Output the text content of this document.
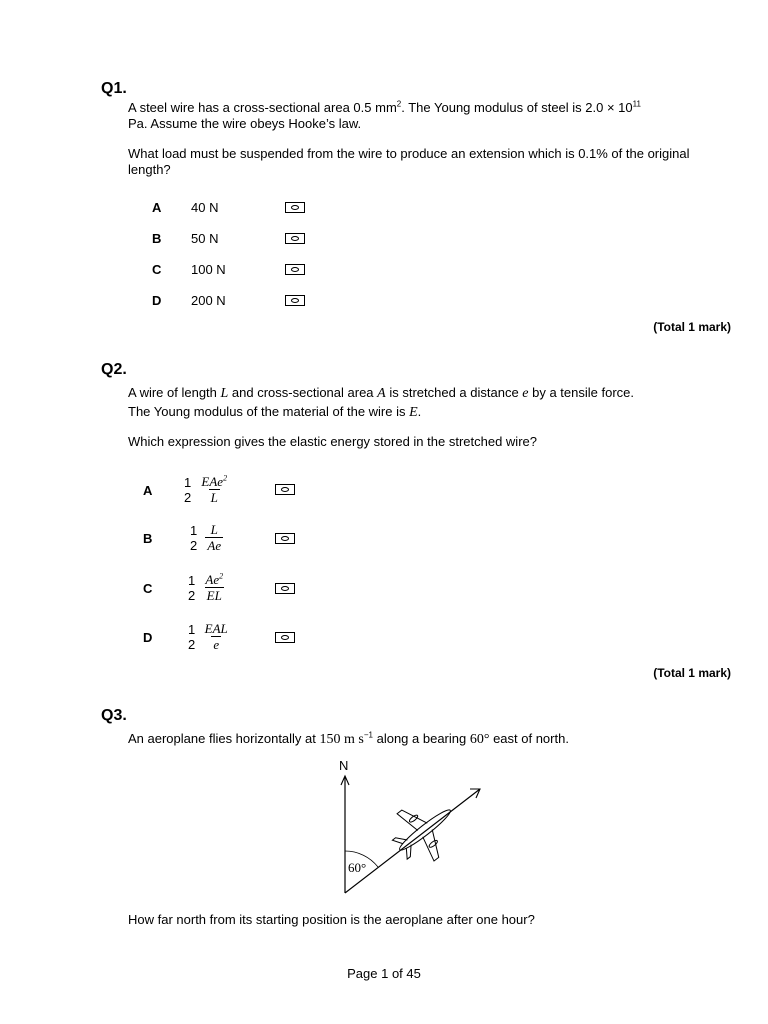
Q1.
A steel wire has a cross-sectional area 0.5 $mm^2$. The Young modulus of steel is $2.0 \times 10^{11}$
Pa. Assume the wire obeys Hooke’s law.
What load must be suspended from the wire to produce an extension which is 0.1% of the original length?
A 40 N
B 50 N
C 100 N
D 200 N
(Total 1 mark)
Q2.
A wire of length L and cross-sectional area A is stretched a distance e by a tensile force.
The Young modulus of the material of the wire is E.
Which expression gives the elastic energy stored in the stretched wire?
A
1
$2 \frac{EAe^2}{L}$
B
1
$2 \frac{L}{Ae}$
C
1
$2 \frac{Ae^2}{EL}$
D
1
$2 \frac{\text{EAL}}{e}$
(Total 1 mark)
Q3.
An aeroplane flies horizontally at 150 m $s^{-1}$ along a bearing 60° east of north.
N
60°
How far north from its starting position is the aeroplane after one hour?
Page 1 of 45
